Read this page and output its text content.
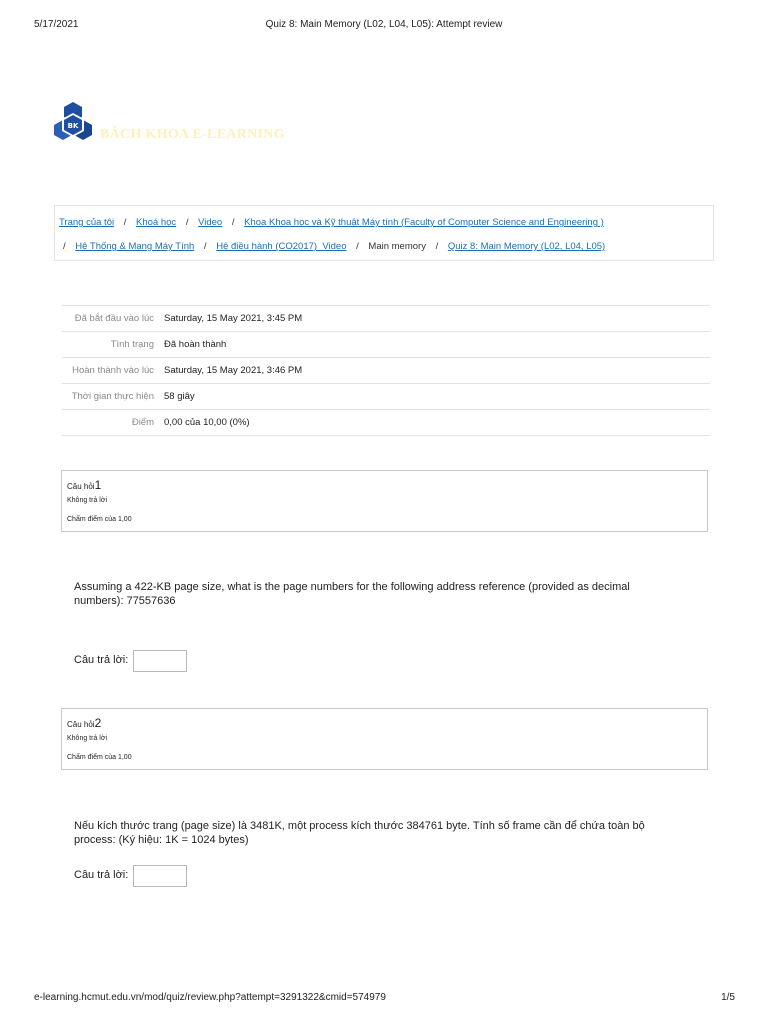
5/17/2021	Quiz 8: Main Memory (L02, L04, L05): Attempt review
BK
BÁCH KHOA E-LEARNING
Trang của tôi / Khoá học / Video / Khoa Khoa học và Kỹ thuật Máy tính (Faculty of Computer Science and Engineering )
/ Hệ Thống & Mạng Máy Tính / Hệ điều hành (CO2017)_Video / Main memory / Quiz 8: Main Memory (L02, L04, L05)
Đã bắt đầu vào lúc	Saturday, 15 May 2021, 3:45 PM
Tình trạng	Đã hoàn thành
Hoàn thành vào lúc	Saturday, 15 May 2021, 3:46 PM
Thời gian thực hiện	58 giây
Điểm	0,00 của 10,00 (0%)
Câu hỏi1
Không trả lời
Chấm điểm của 1,00
Assuming a 422-KB page size, what is the page numbers for the following address reference (provided as decimal numbers): 77557636
Câu trả lời:
Câu hỏi2
Không trả lời
Chấm điểm của 1,00
Nếu kích thước trang (page size) là 3481K, một process kích thước 384761 byte. Tính số frame cần để chứa toàn bộ process: (Ký hiệu: 1K = 1024 bytes)
Câu trả lời:
e-learning.hcmut.edu.vn/mod/quiz/review.php?attempt=3291322&cmid=574979	1/5
